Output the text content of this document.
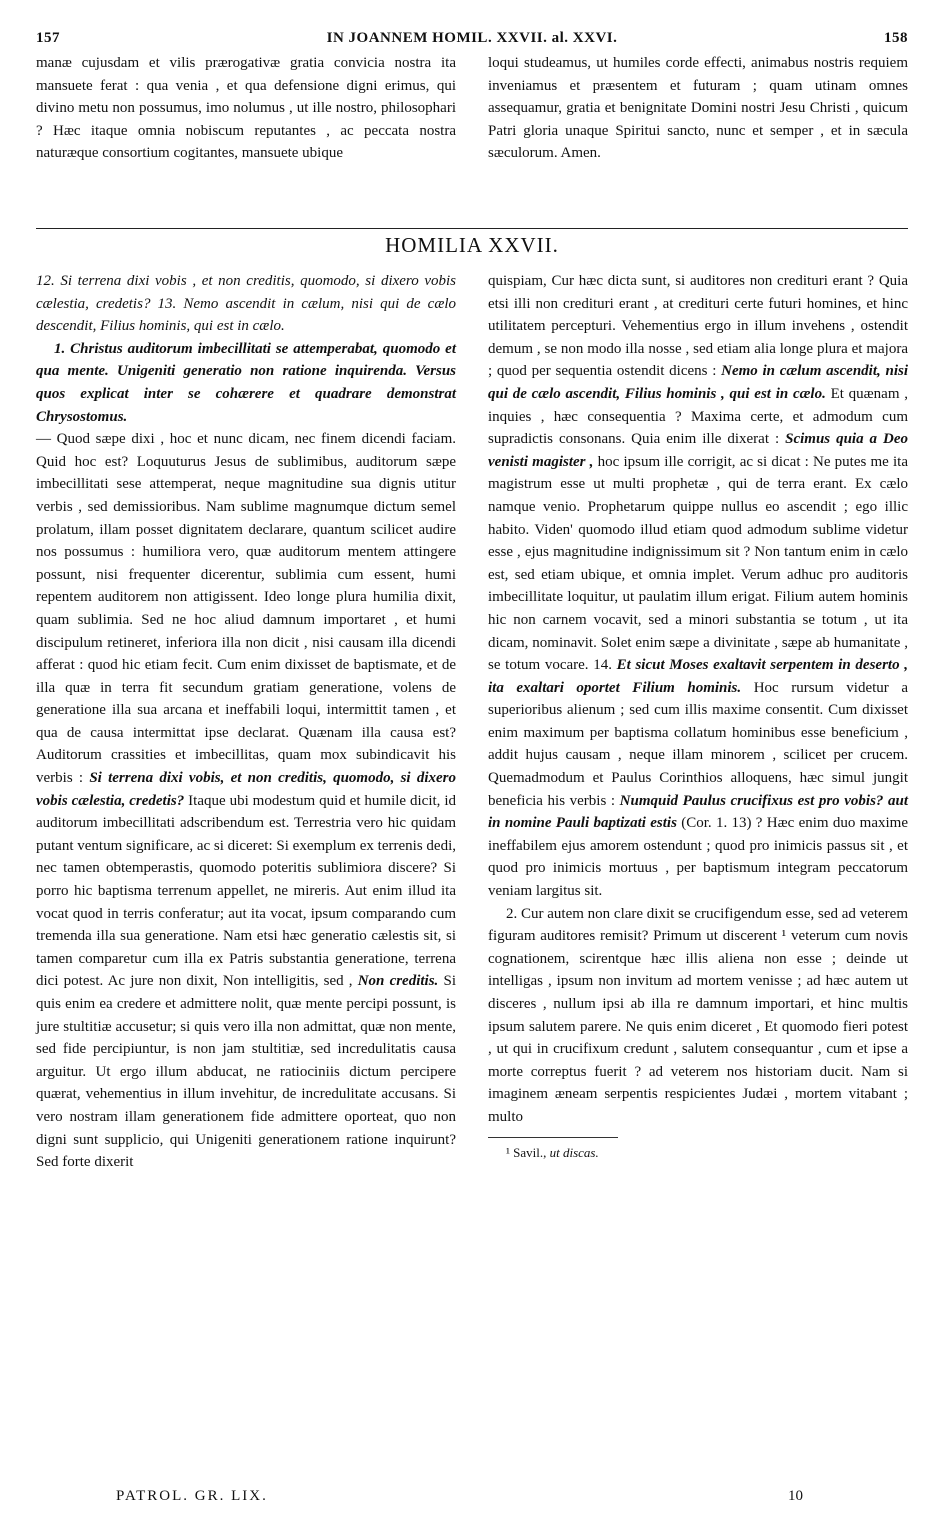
157	IN JOANNEM HOMIL. XXVII. al. XXVI.	158

manæ cujusdam et vilis prærogativæ gratia convicia nostra ita mansuete ferat : qua venia , et qua defensione digni erimus, qui divino metu non possumus, imo nolumus , ut ille nostro, philosophari ? Hæc itaque omnia nobiscum reputantes , ac peccata nostra naturæque consortium cogitantes, mansuete ubique

loqui studeamus, ut humiles corde effecti, animabus nostris requiem inveniamus et præsentem et futuram ; quam utinam omnes assequamur, gratia et benignitate Domini nostri Jesu Christi , quicum Patri gloria unaque Spiritui sancto, nunc et semper , et in sæcula sæculorum. Amen.

HOMILIA XXVII.

12. Si terrena dixi vobis , et non creditis, quomodo, si dixero vobis cælestia, credetis? 13. Nemo ascendit in cælum, nisi qui de cælo descendit, Filius hominis, qui est in cælo.

1. Christus auditorum imbecillitati se attemperabat, quomodo et qua mente. Unigeniti generatio non ratione inquirenda. Versus quos explicat inter se cohærere et quadrare demonstrat Chrysostomus.

— Quod sæpe dixi , hoc et nunc dicam, nec finem dicendi faciam. Quid hoc est? Loquuturus Jesus de sublimibus, auditorum sæpe imbecillitati sese attemperat, neque magnitudine sua dignis utitur verbis , sed demissioribus. Nam sublime magnumque dictum semel prolatum, illam posset dignitatem declarare, quantum scilicet audire nos possumus : humiliora vero, quæ auditorum mentem attingere possunt, nisi frequenter dicerentur, sublimia cum essent, humi repentem auditorem non attigissent. Ideo longe plura humilia dixit, quam sublimia. Sed ne hoc aliud damnum importaret , et humi discipulum retineret, inferiora illa non dicit , nisi causam illa dicendi afferat : quod hic etiam fecit. Cum enim dixisset de baptismate, et de illa quæ in terra fit secundum gratiam generatione, volens de generatione illa sua arcana et ineffabili loqui, intermittit tamen , et qua de causa intermittat ipse declarat. Quænam illa causa est? Auditorum crassities et imbecillitas, quam mox subindicavit his verbis : Si terrena dixi vobis, et non creditis, quomodo, si dixero vobis cælestia, credetis? Itaque ubi modestum quid et humile dicit, id auditorum imbecillitati adscribendum est. Terrestria vero hic quidam putant ventum significare, ac si diceret: Si exemplum ex terrenis dedi, nec tamen obtemperastis, quomodo poteritis sublimiora discere? Si porro hic baptisma terrenum appellet, ne mireris. Aut enim illud ita vocat quod in terris conferatur; aut ita vocat, ipsum comparando cum tremenda illa sua generatione. Nam etsi hæc generatio cælestis sit, si tamen comparetur cum illa ex Patris substantia generatione, terrena dici potest. Ac jure non dixit, Non intelligitis, sed , Non creditis. Si quis enim ea credere et admittere nolit, quæ mente percipi possunt, is jure stultitiæ accusetur; si quis vero illa non admittat, quæ non mente, sed fide percipiuntur, is non jam stultitiæ, sed incredulitatis causa arguitur. Ut ergo illum abducat, ne ratiociniis dictum percipere quærat, vehementius in illum invehitur, de incredulitate accusans. Si vero nostram illam generationem fide admittere oporteat, quo non digni sunt supplicio, qui Unigeniti generationem ratione inquirunt? Sed forte dixerit

quispiam, Cur hæc dicta sunt, si auditores non credituri erant ? Quia etsi illi non credituri erant , at credituri certe futuri homines, et hinc utilitatem percepturi. Vehementius ergo in illum invehens , ostendit demum , se non modo illa nosse , sed etiam alia longe plura et majora ; quod per sequentia ostendit dicens : Nemo in cælum ascendit, nisi qui de cælo ascendit, Filius hominis , qui est in cælo. Et quænam , inquies , hæc consequentia ? Maxima certe, et admodum cum supradictis consonans. Quia enim ille dixerat : Scimus quia a Deo venisti magister , hoc ipsum ille corrigit, ac si dicat : Ne putes me ita magistrum esse ut multi prophetæ , qui de terra erant. Ex cælo namque venio. Prophetarum quippe nullus eo ascendit ; ego illic habito. Viden' quomodo illud etiam quod admodum sublime videtur esse , ejus magnitudine indignissimum sit ? Non tantum enim in cælo est, sed etiam ubique, et omnia implet. Verum adhuc pro auditoris imbecillitate loquitur, ut paulatim illum erigat. Filium autem hominis hic non carnem vocavit, sed a minori substantia se totum , ut ita dicam, nominavit. Solet enim sæpe a divinitate , sæpe ab humanitate , se totum vocare. 14. Et sicut Moses exaltavit serpentem in deserto , ita exaltari oportet Filium hominis. Hoc rursum videtur a superioribus alienum ; sed cum illis maxime consentit. Cum dixisset enim maximum per baptisma collatum hominibus esse beneficium , addit hujus causam , neque illam minorem , scilicet per crucem. Quemadmodum et Paulus Corinthios alloquens, hæc simul jungit beneficia his verbis : Numquid Paulus crucifixus est pro vobis? aut in nomine Pauli baptizati estis (Cor. 1. 13) ? Hæc enim duo maxime ineffabilem ejus amorem ostendunt ; quod pro inimicis passus sit , et quod pro inimicis mortuus , per baptismum integram peccatorum veniam largitus sit.

2. Cur autem non clare dixit se crucifigendum esse, sed ad veterem figuram auditores remisit? Primum ut discerent ¹ veterum cum novis cognationem, scirentque hæc illis aliena non esse ; deinde ut intelligas , ipsum non invitum ad mortem venisse ; ad hæc autem ut disceres , nullum ipsi ab illa re damnum importari, et hinc multis ipsum salutem parere. Ne quis enim diceret , Et quomodo fieri potest , ut qui in crucifixum credunt , salutem consequantur , cum et ipse a morte correptus fuerit ? ad veterem nos historiam ducit. Nam si imaginem æneam serpentis respicientes Judæi , mortem vitabant ; multo

¹ Savil., ut discas.

PATROL. GR. LIX.	10
